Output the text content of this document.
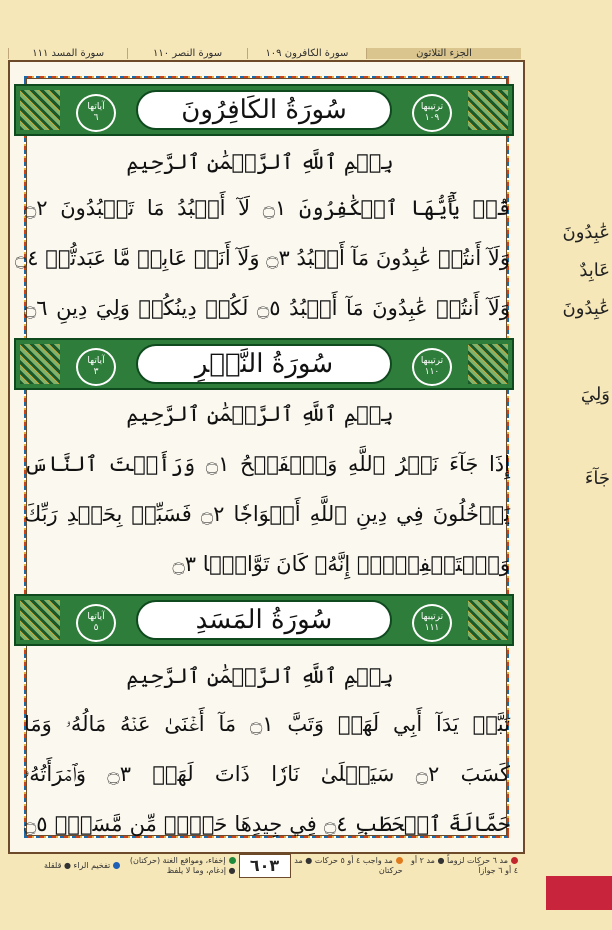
الجزء الثلاثون
سورة الكافرون ١٠٩
سورة النصر ١١٠
سورة المسد ١١١
ترتيبها
١٠٩
سُورَةُ الكَافِرُونَ
آياتها
٦
بِسۡمِ ٱللَّهِ ٱلرَّحۡمَٰنِ ٱلرَّحِيمِ
قُلۡ يَٰٓأَيُّهَا ٱلۡكَٰفِرُونَ ۝١ لَآ أَعۡبُدُ مَا تَعۡبُدُونَ ۝٢
وَلَآ أَنتُمۡ عَٰبِدُونَ مَآ أَعۡبُدُ ۝٣ وَلَآ أَنَا۠ عَابِدٞ مَّا عَبَدتُّمۡ ۝٤
وَلَآ أَنتُمۡ عَٰبِدُونَ مَآ أَعۡبُدُ ۝٥ لَكُمۡ دِينُكُمۡ وَلِيَ دِينِ ۝٦
ترتيبها
١١٠
سُورَةُ النَّصۡرِ
آياتها
٣
بِسۡمِ ٱللَّهِ ٱلرَّحۡمَٰنِ ٱلرَّحِيمِ
إِذَا جَآءَ نَصۡرُ ٱللَّهِ وَٱلۡفَتۡحُ ۝١ وَرَأَيۡتَ ٱلنَّاسَ
يَدۡخُلُونَ فِي دِينِ ٱللَّهِ أَفۡوَاجٗا ۝٢ فَسَبِّحۡ بِحَمۡدِ رَبِّكَ
وَٱسۡتَغۡفِرۡهُۚ إِنَّهُۥ كَانَ تَوَّابَۢا ۝٣
ترتيبها
١١١
سُورَةُ المَسَدِ
آياتها
٥
بِسۡمِ ٱللَّهِ ٱلرَّحۡمَٰنِ ٱلرَّحِيمِ
تَبَّتۡ يَدَآ أَبِي لَهَبٖ وَتَبَّ ۝١ مَآ أَغۡنَىٰ عَنۡهُ مَالُهُۥ وَمَا
كَسَبَ ۝٢ سَيَصۡلَىٰ نَارٗا ذَاتَ لَهَبٖ ۝٣ وَٱمۡرَأَتُهُۥ
حَمَّالَةَ ٱلۡحَطَبِ ۝٤ فِي جِيدِهَا حَبۡلٞ مِّن مَّسَدِۭ ۝٥
عَٰبِدُونَ
عَابِدٌ
عَٰبِدُونَ
وَلِيَ
جَآءَ
مد ٦ حركات لزوماً ● مد ٢ أو ٤ أو ٦ جوازاً
مد واجب ٤ أو ٥ حركات ● مد حركتان
٦٠٣
إخفاء، ومواقع الغنة (حركتان) ● إدغام، وما لا يلفظ
تفخيم الراء ● قلقلة
